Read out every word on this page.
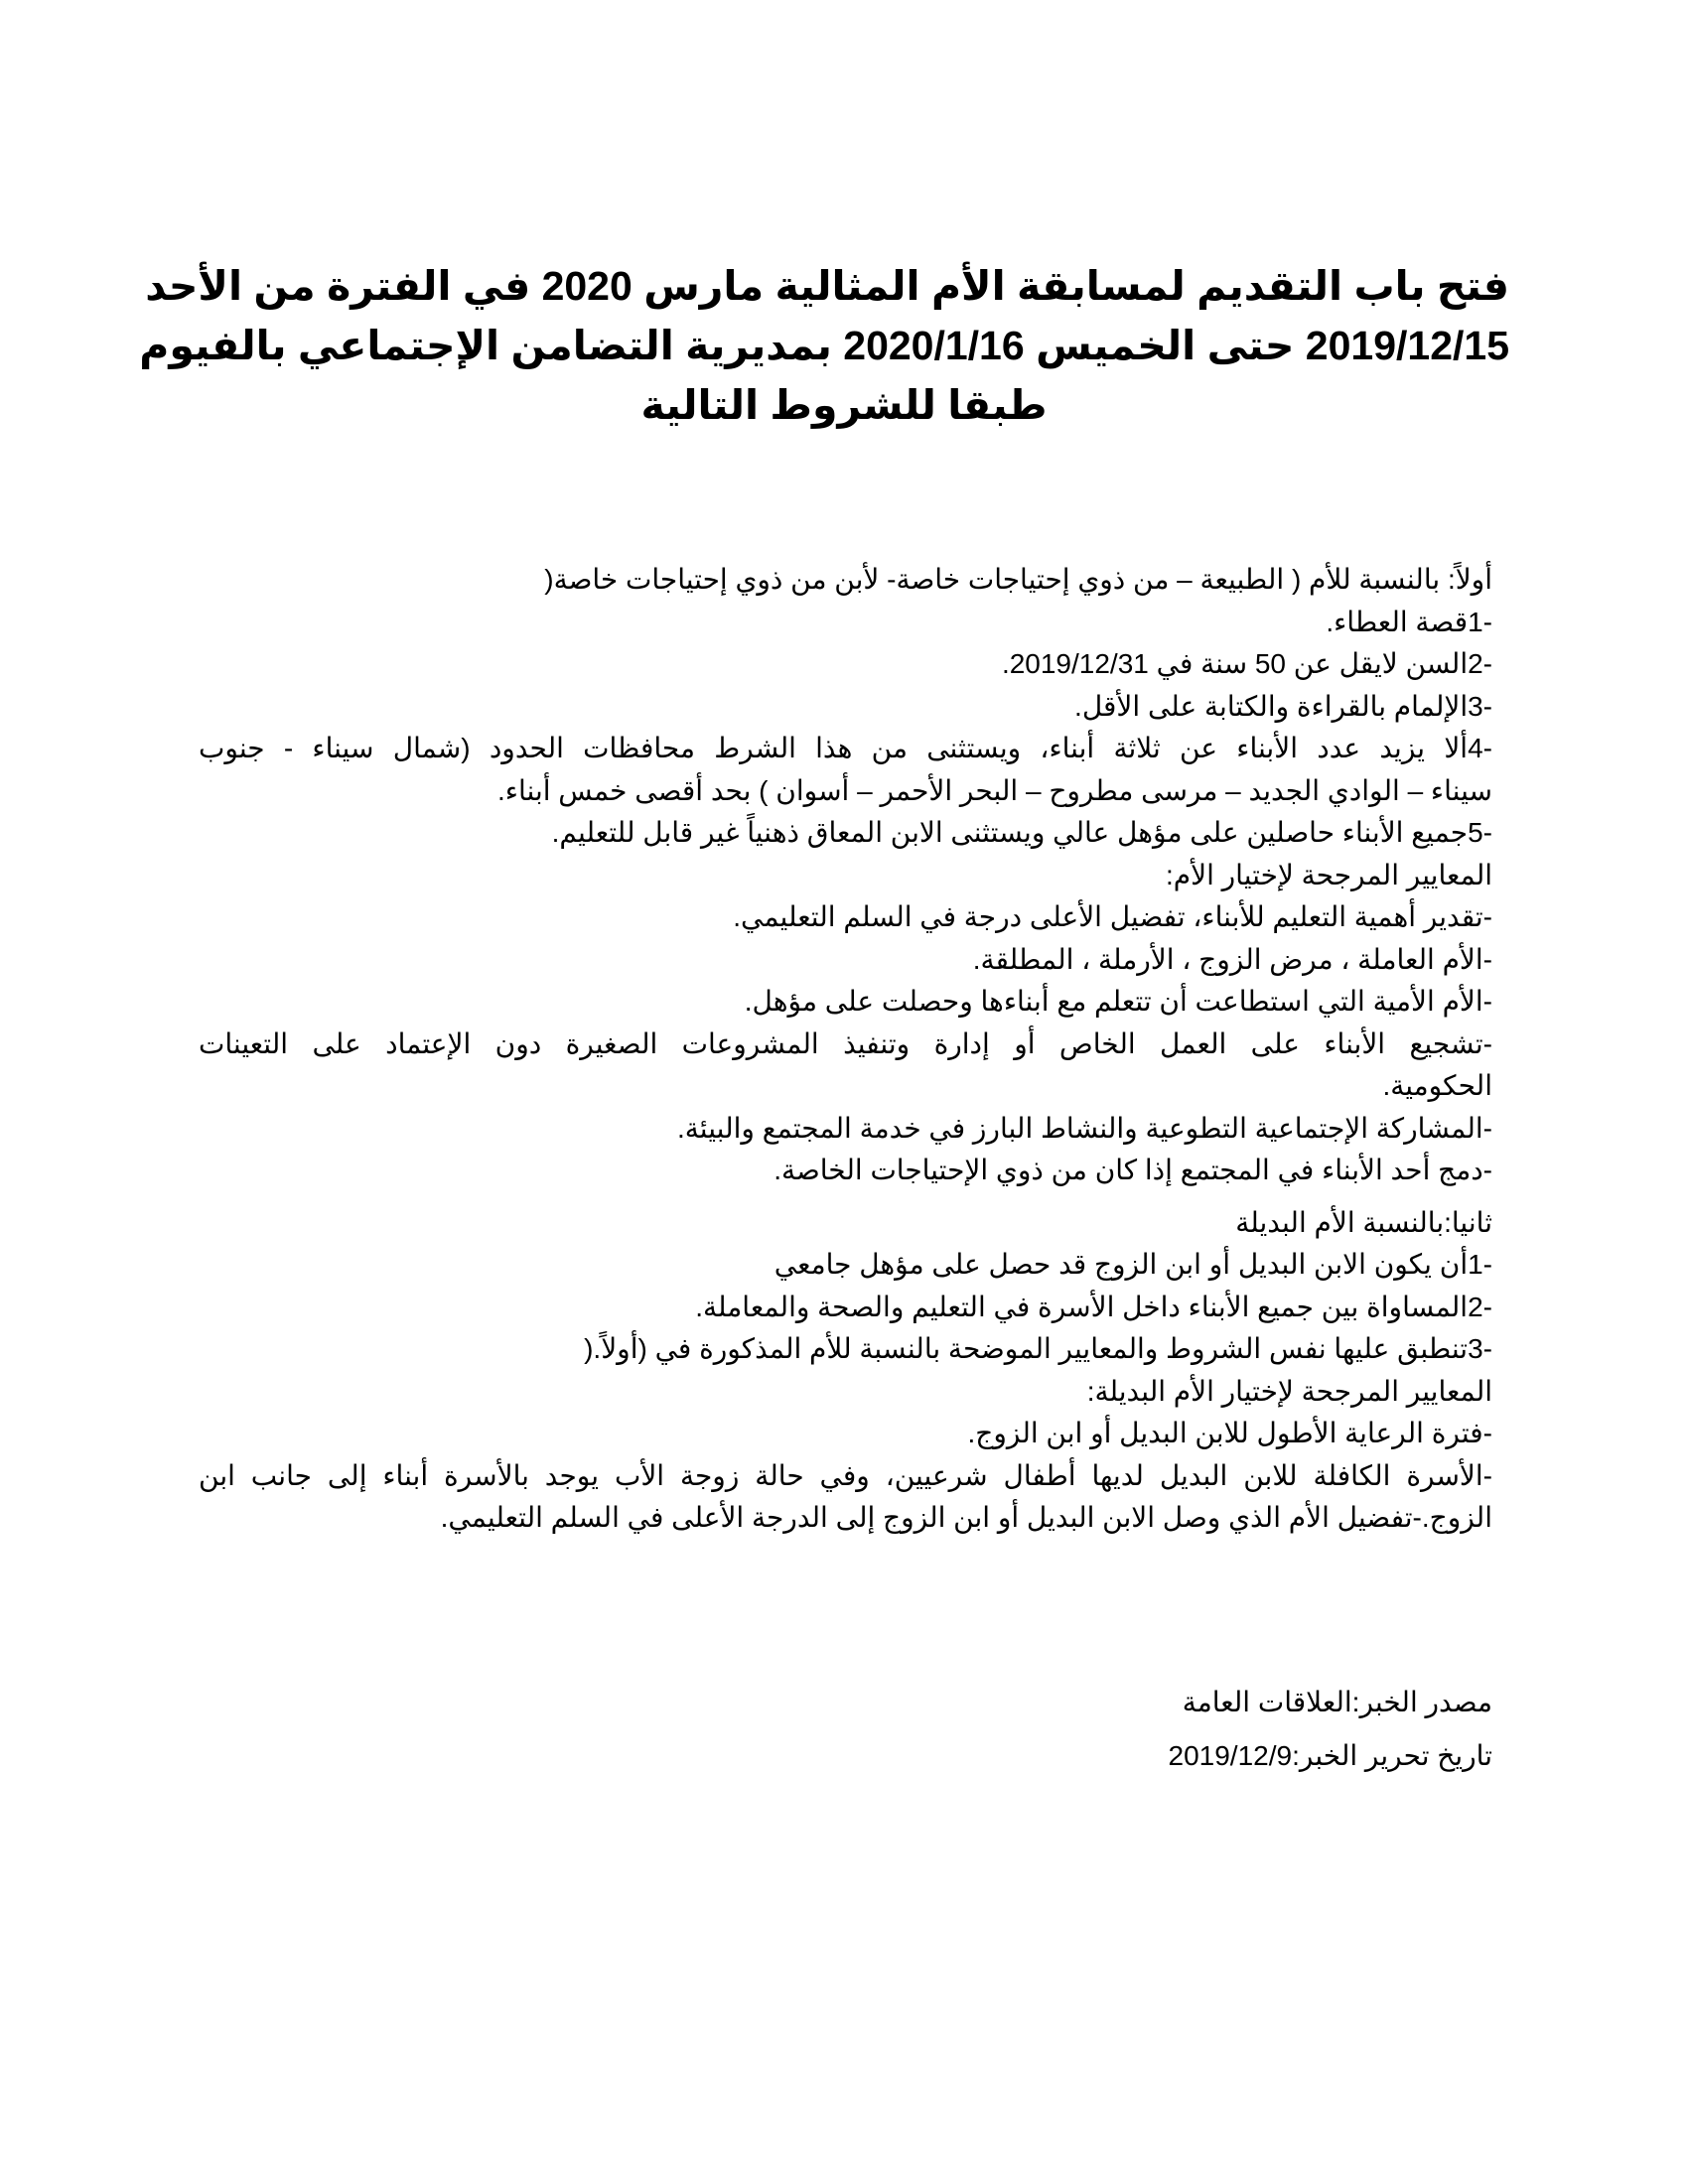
فتح باب التقديم لمسابقة الأم المثالية مارس 2020 في الفترة من الأحد
2019/12/15 حتى الخميس 2020/1/16 بمديرية التضامن الإجتماعي بالفيوم
طبقا للشروط التالية
أولاً: بالنسبة للأم ( الطبيعة – من ذوي إحتياجات خاصة- لأبن من ذوي إحتياجات خاصة(
-1قصة العطاء.
-2السن لايقل عن 50 سنة في 2019/12/31.
-3الإلمام بالقراءة والكتابة على الأقل.
-4ألا يزيد عدد الأبناء عن ثلاثة أبناء، ويستثنى من هذا الشرط محافظات الحدود (شمال سيناء - جنوب
سيناء – الوادي الجديد – مرسى مطروح – البحر الأحمر – أسوان ) بحد أقصى خمس أبناء.
-5جميع الأبناء حاصلين على مؤهل عالي ويستثنى الابن المعاق ذهنياً غير قابل للتعليم.
المعايير المرجحة لإختيار الأم:
-تقدير أهمية التعليم للأبناء، تفضيل الأعلى درجة في السلم التعليمي.
-الأم العاملة ، مرض الزوج ، الأرملة ، المطلقة.
-الأم الأمية التي استطاعت أن تتعلم مع أبناءها وحصلت على مؤهل.
-تشجيع الأبناء على العمل الخاص أو إدارة وتنفيذ المشروعات الصغيرة دون الإعتماد على التعينات
الحكومية.
-المشاركة الإجتماعية التطوعية والنشاط البارز في خدمة المجتمع والبيئة.
-دمج أحد الأبناء في المجتمع إذا كان من ذوي الإحتياجات الخاصة.
ثانيا:بالنسبة الأم البديلة
-1أن يكون الابن البديل أو ابن الزوج قد حصل على مؤهل جامعي
-2المساواة بين جميع الأبناء داخل الأسرة في التعليم والصحة والمعاملة.
-3تنطبق عليها نفس الشروط والمعايير الموضحة بالنسبة للأم المذكورة في (أولاً.(
المعايير المرجحة لإختيار الأم البديلة:
-فترة الرعاية الأطول للابن البديل أو ابن الزوج.
-الأسرة الكافلة للابن البديل لديها أطفال شرعيين، وفي حالة زوجة الأب يوجد بالأسرة أبناء إلى جانب ابن
الزوج.-تفضيل الأم الذي وصل الابن البديل أو ابن الزوج إلى الدرجة الأعلى في السلم التعليمي.
مصدر الخبر:العلاقات العامة
تاريخ تحرير الخبر:2019/12/9
